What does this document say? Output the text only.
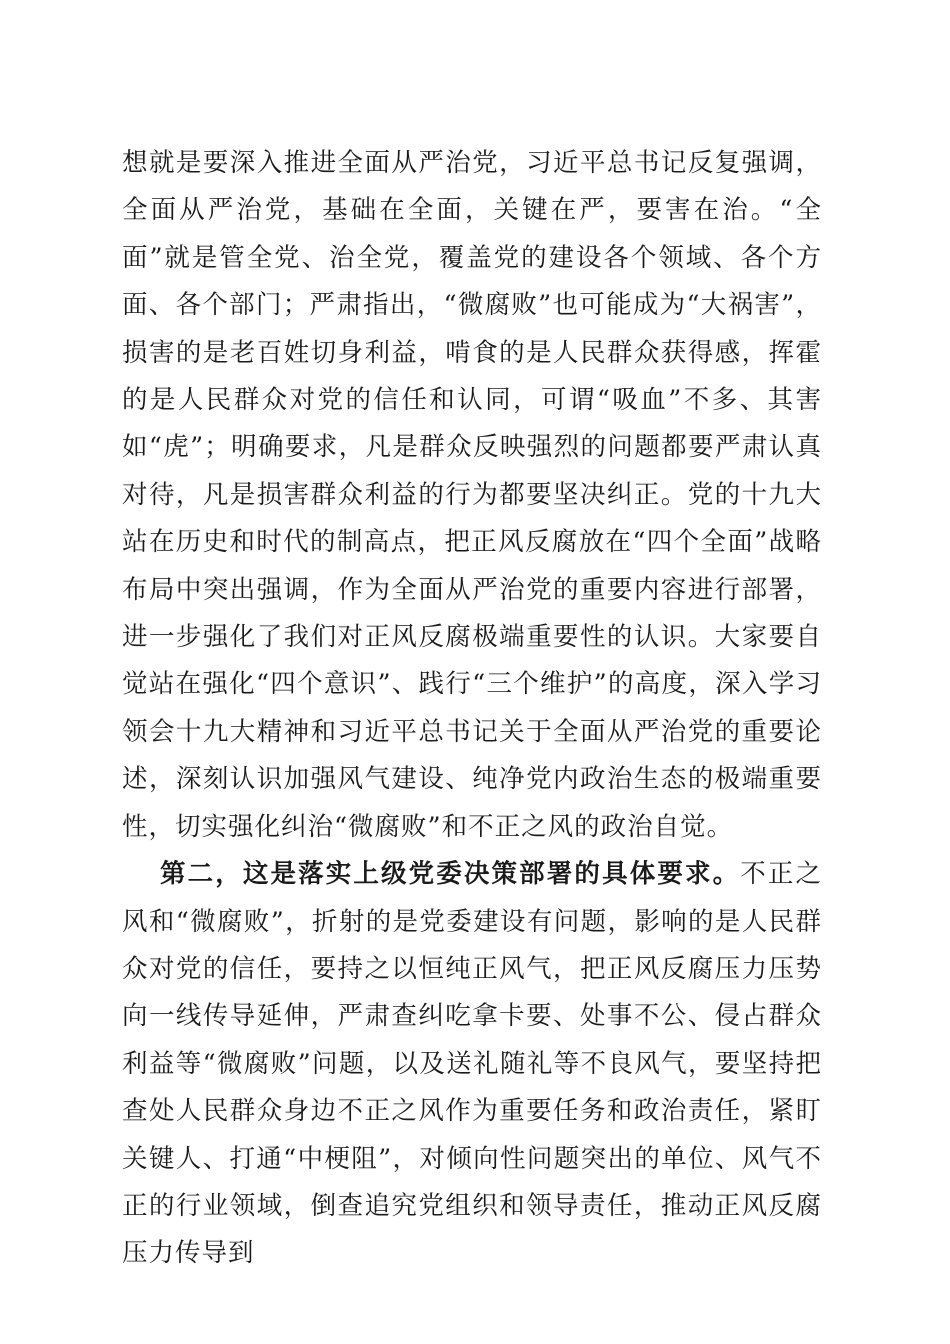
想就是要深入推进全面从严治党，习近平总书记反复强调，全面从严治党，基础在全面，关键在严，要害在治。“全面”就是管全党、治全党，覆盖党的建设各个领域、各个方面、各个部门；严肃指出，“微腐败”也可能成为“大祸害”，损害的是老百姓切身利益，啃食的是人民群众获得感，挥霍的是人民群众对党的信任和认同，可谓“吸血”不多、其害如“虎”；明确要求，凡是群众反映强烈的问题都要严肃认真对待，凡是损害群众利益的行为都要坚决纠正。党的十九大站在历史和时代的制高点，把正风反腐放在“四个全面”战略布局中突出强调，作为全面从严治党的重要内容进行部署，进一步强化了我们对正风反腐极端重要性的认识。大家要自觉站在强化“四个意识”、践行“三个维护”的高度，深入学习领会十九大精神和习近平总书记关于全面从严治党的重要论述，深刻认识加强风气建设、纯净党内政治生态的极端重要性，切实强化纠治“微腐败”和不正之风的政治自觉。

第二，这是落实上级党委决策部署的具体要求。不正之风和“微腐败”，折射的是党委建设有问题，影响的是人民群众对党的信任，要持之以恒纯正风气，把正风反腐压力压势向一线传导延伸，严肃查纠吃拿卡要、处事不公、侵占群众利益等“微腐败”问题，以及送礼随礼等不良风气，要坚持把查处人民群众身边不正之风作为重要任务和政治责任，紧盯关键人、打通“中梗阻”，对倾向性问题突出的单位、风气不正的行业领域，倒查追究党组织和领导责任，推动正风反腐压力传导到
